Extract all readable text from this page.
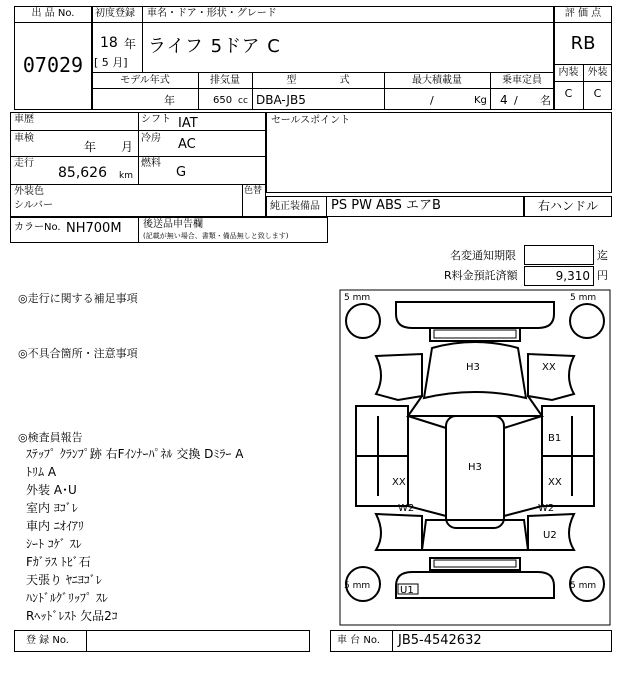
出 品 No.
07029
初度登録 車名・ドア・形状・グレード
18 年
[ 5 月]
ライフ 5ドア C
モデル年式	排気量	型 式	最大積載量	乗車定員
年	650 cc DBA-JB5	/	Kg 4 / 名
評 価 点
RB
内装 外装
C	C
車歴	シフト IAT
車検
年 月
冷房 AC
走行
85,626 km
燃料
G
外装色
シルバー
色替
セールスポイント
純正装備品 PS PW ABS エアB	右ハンドル
カラーNo. NH700M 後送品申告欄
(記載が無い場合、書類・備品無しと致します)
名変通知期限	迄
R料金預託済額	9,310 円
◎走行に関する補足事項
◎不具合箇所・注意事項
◎検査員報告
ｽﾃｯﾌﾟ ｸﾗﾝﾌﾟ跡 右Fｲﾝﾅｰﾊﾟﾈﾙ 交換 Dﾐﾗｰ A
ﾄﾘﾑ A
外装 A･U
室内 ﾖｺﾞﾚ
車内 ﾆｵｲｱﾘ
ｼｰﾄ ｺｹﾞ ｽﾚ
Fｶﾞﾗｽ ﾄﾋﾞ石
天張り ﾔﾆﾖｺﾞﾚ
ﾊﾝﾄﾞﾙｸﾞﾘｯﾌﾟ ｽﾚ
Rﾍｯﾄﾞﾚｽﾄ 欠品2ｺ
5 mm	5 mm
5 mm	5 mm
H3	XX
B1
H3
XX	XX
W2	W2
U2
U1
登 録 No.	車 台 No. JB5-4542632
